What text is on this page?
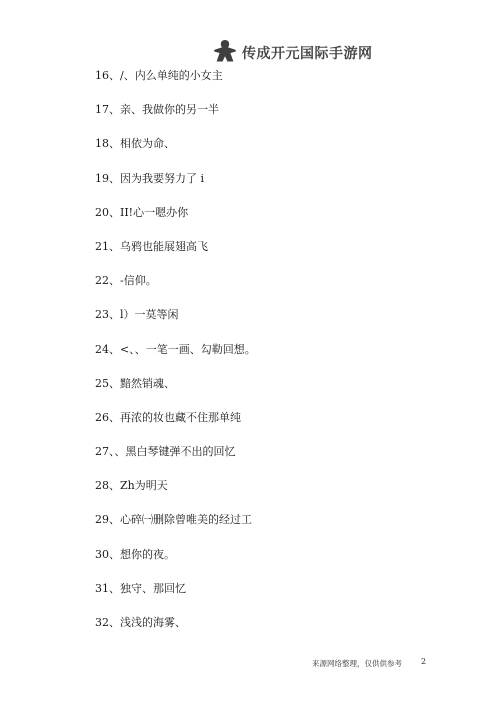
传成开元国际手游网
16、/、内么单纯的小女主
17、亲、我做你的另一半
18、相依为命、
19、因为我要努力了 i
20、II!心一嗯办你
21、乌鸦也能展翅高飞
22、-信仰。
23、l）一莫等闲
24、<、、一笔一画、勾勒回想。
25、黯然销魂、
26、再浓的妆也藏不住那单纯
27、、黑白琴键弹不出的回忆
28、Zh为明天
29、心碎㈠删除曾唯美的经过工
30、想你的夜。
31、独守、那回忆
32、浅浅的海雾、
来源网络整理，仅供供参考 2
